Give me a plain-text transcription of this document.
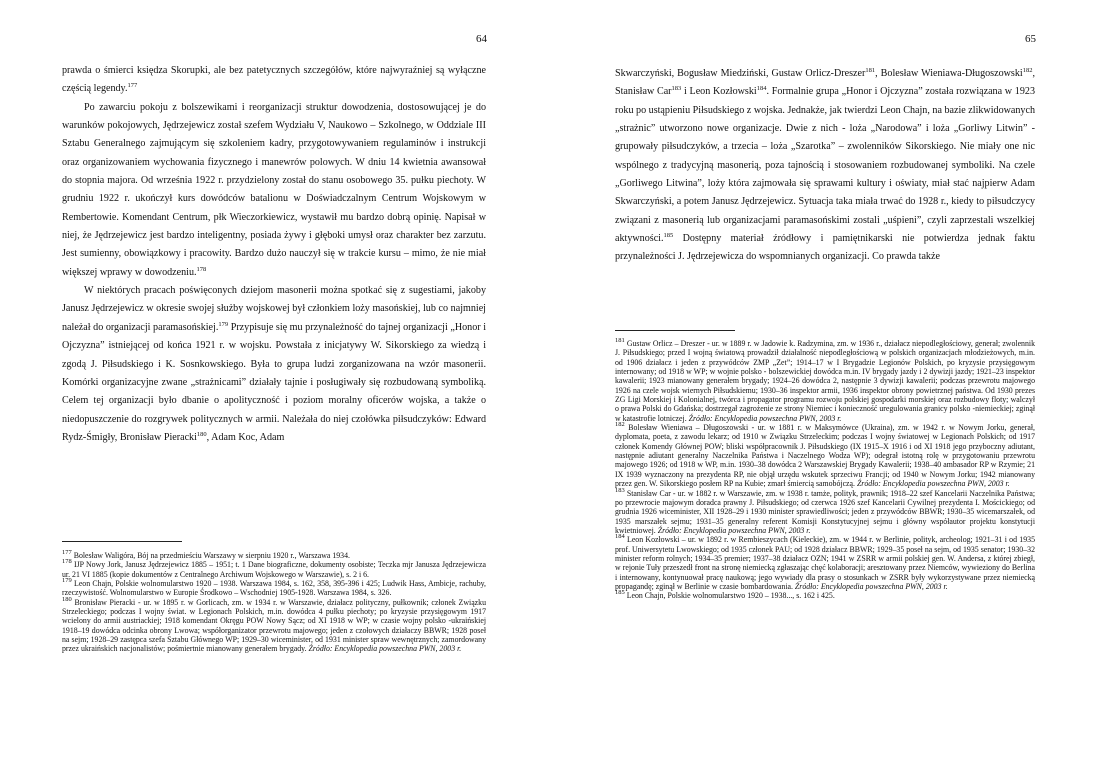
64

prawda o śmierci księdza Skorupki, ale bez patetycznych szczegółów, które najwyraźniej są wyłączne częścią legendy.$^{177}$

Po zawarciu pokoju z bolszewikami i reorganizacji struktur dowodzenia, dostosowującej je do warunków pokojowych, Jędrzejewicz został szefem Wydziału V, Naukowo – Szkolnego, w Oddziale III Sztabu Generalnego zajmującym się szkoleniem kadry, przygotowywaniem regulaminów i instrukcji oraz organizowaniem wychowania fizycznego i manewrów polowych. W dniu 14 kwietnia awansował do stopnia majora. Od września 1922 r. przydzielony został do stanu osobowego 35. pułku piechoty. W grudniu 1922 r. ukończył kurs dowódców batalionu w Doświadczalnym Centrum Wojskowym w Rembertowie. Komendant Centrum, płk Wieczorkiewicz, wystawił mu bardzo dobrą opinię. Napisał w niej, że Jędrzejewicz jest bardzo inteligentny, posiada żywy i głęboki umysł oraz charakter bez zarzutu. Jest sumienny, obowiązkowy i pracowity. Bardzo dużo nauczył się w trakcie kursu – mimo, że nie miał większej wprawy w dowodzeniu.$^{178}$

W niektórych pracach poświęconych dziejom masonerii można spotkać się z sugestiami, jakoby Janusz Jędrzejewicz w okresie swojej służby wojskowej był członkiem loży masońskiej, lub co najmniej należał do organizacji paramasońskiej.$^{179}$ Przypisuje się mu przynależność do tajnej organizacji „Honor i Ojczyzna” istniejącej od końca 1921 r. w wojsku. Powstała z inicjatywy W. Sikorskiego za wiedzą i zgodą J. Piłsudskiego i K. Sosnkowskiego. Była to grupa ludzi zorganizowana na wzór masonerii. Komórki organizacyjne zwane „strażnicami” działały tajnie i posługiwały się rozbudowaną symboliką. Celem tej organizacji było dbanie o apolityczność i poziom moralny oficerów wojska, a także o niedopuszczenie do rozgrywek politycznych w armii. Należała do niej czołówka piłsudczyków: Edward Rydz-Śmigły, Bronisław Pieracki$^{180}$, Adam Koc, Adam

$^{177}$ Bolesław Waligóra, Bój na przedmieściu Warszawy w sierpniu 1920 r., Warszawa 1934.

$^{178}$ IJP Nowy Jork, Janusz Jędrzejewicz 1885 – 1951; t. 1 Dane biograficzne, dokumenty osobiste; Teczka mjr Janusza Jędrzejewicza ur. 21 VI 1885 (kopie dokumentów z Centralnego Archiwum Wojskowego w Warszawie), s. 2 i 6.

$^{179}$ Leon Chajn, Polskie wolnomularstwo 1920 – 1938. Warszawa 1984, s. 162, 358, 395-396 i 425; Ludwik Hass, Ambicje, rachuby, rzeczywistość. Wolnomularstwo w Europie Środkowo – Wschodniej 1905-1928. Warszawa 1984, s. 326.

$^{180}$ Bronisław Pieracki - ur. w 1895 r. w Gorlicach, zm. w 1934 r. w Warszawie, działacz polityczny, pułkownik; członek Związku Strzeleckiego; podczas I wojny świat. w Legionach Polskich, m.in. dowódca 4 pułku piechoty; po kryzysie przysięgowym 1917 wcielony do armii austriackiej; 1918 komendant Okręgu POW Nowy Sącz; od XI 1918 w WP; w czasie wojny polsko -ukraińskiej 1918–19 dowódca odcinka obrony Lwowa; współorganizator przewrotu majowego; jeden z czołowych działaczy BBWR; 1928 poseł na sejm; 1928–29 zastępca szefa Sztabu Głównego WP; 1929–30 wiceminister, od 1931 minister spraw wewnętrznych; zamordowany przez ukraińskich nacjonalistów; pośmiertnie mianowany generałem brygady. Źródło: Encyklopedia powszechna PWN, 2003 r.

65

Skwarczyński, Bogusław Miedziński, Gustaw Orlicz-Dreszer$^{181}$, Bolesław Wieniawa-Długoszowski$^{182}$, Stanisław Car$^{183}$ i Leon Kozłowski$^{184}$. Formalnie grupa „Honor i Ojczyzna” została rozwiązana w 1923 roku po ustąpieniu Piłsudskiego z wojska. Jednakże, jak twierdzi Leon Chajn, na bazie zlikwidowanych „strażnic” utworzono nowe organizacje. Dwie z nich - loża „Narodowa” i loża „Gorliwy Litwin” - grupowały piłsudczyków, a trzecia – loża „Szarotka” – zwolenników Sikorskiego. Nie miały one nic wspólnego z tradycyjną masonerią, poza tajnością i stosowaniem rozbudowanej symboliki. Na czele „Gorliwego Litwina”, loży która zajmowała się sprawami kultury i oświaty, miał stać najpierw Adam Skwarczyński, a potem Janusz Jędrzejewicz. Sytuacja taka miała trwać do 1928 r., kiedy to piłsudczycy związani z masonerią lub organizacjami paramasońskimi zostali „uśpieni”, czyli zaprzestali wszelkiej aktywności.$^{185}$ Dostępny materiał źródłowy i pamiętnikarski nie potwierdza jednak faktu przynależności J. Jędrzejewicza do wspomnianych organizacji. Co prawda także

$^{181}$ Gustaw Orlicz – Dreszer - ur. w 1889 r. w Jadowie k. Radzymina, zm. w 1936 r., działacz niepodległościowy, generał; zwolennik J. Piłsudskiego; przed I wojną światową prowadził działalność niepodległościową w polskich organizacjach młodzieżowych, m.in. od 1906 działacz i jeden z przywódców ZMP „Zet”; 1914–17 w I Brygadzie Legionów Polskich, po kryzysie przysięgowym internowany; od 1918 w WP; w wojnie polsko - bolszewickiej dowódca m.in. IV brygady jazdy i 2 dywizji jazdy; 1921–23 inspektor kawalerii; 1923 mianowany generałem brygady; 1924–26 dowódca 2, następnie 3 dywizji kawalerii; podczas przewrotu majowego 1926 na czele wojsk wiernych Piłsudskiemu; 1930–36 inspektor armii, 1936 inspektor obrony powietrznej państwa. Od 1930 prezes ZG Ligi Morskiej i Kolonialnej, twórca i propagator programu rozwoju polskiej gospodarki morskiej oraz rozbudowy floty; walczył o prawa Polski do Gdańska; dostrzegał zagrożenie ze strony Niemiec i konieczność uregulowania granicy polsko -niemieckiej; zginął w katastrofie lotniczej. Źródło: Encyklopedia powszechna PWN, 2003 r.

$^{182}$ Bolesław Wieniawa – Długoszowski - ur. w 1881 r. w Maksymówce (Ukraina), zm. w 1942 r. w Nowym Jorku, generał, dyplomata, poeta, z zawodu lekarz; od 1910 w Związku Strzeleckim; podczas I wojny światowej w Legionach Polskich; od 1917 członek Komendy Głównej POW; bliski współpracownik J. Piłsudskiego (IX 1915–X 1916 i od XI 1918 jego przyboczny adiutant, następnie adiutant generalny Naczelnika Państwa i Naczelnego Wodza WP); odegrał istotną rolę w przygotowaniu przewrotu majowego 1926; od 1918 w WP, m.in. 1930–38 dowódca 2 Warszawskiej Brygady Kawalerii; 1938–40 ambasador RP w Rzymie; 21 IX 1939 wyznaczony na prezydenta RP, nie objął urzędu wskutek sprzeciwu Francji; od 1940 w Nowym Jorku; 1942 mianowany przez gen. W. Sikorskiego posłem RP na Kubie; zmarł śmiercią samobójczą. Źródło: Encyklopedia powszechna PWN, 2003 r.

$^{183}$ Stanisław Car - ur. w 1882 r. w Warszawie, zm. w 1938 r. tamże, polityk, prawnik; 1918–22 szef Kancelarii Naczelnika Państwa; po przewrocie majowym doradca prawny J. Piłsudskiego; od czerwca 1926 szef Kancelarii Cywilnej prezydenta I. Mościckiego; od grudnia 1926 wiceminister, XII 1928–29 i 1930 minister sprawiedliwości; jeden z przywódców BBWR; 1930–35 wicemarszałek, od 1935 marszałek sejmu; 1931–35 generalny referent Komisji Konstytucyjnej sejmu i główny współautor projektu konstytucji kwietniowej. Źródło: Encyklopedia powszechna PWN, 2003 r.

$^{184}$ Leon Kozłowski – ur. w 1892 r. w Rembieszycach (Kieleckie), zm. w 1944 r. w Berlinie, polityk, archeolog; 1921–31 i od 1935 prof. Uniwersytetu Lwowskiego; od 1935 członek PAU; od 1928 działacz BBWR; 1929–35 poseł na sejm, od 1935 senator; 1930–32 minister reform rolnych; 1934–35 premier; 1937–38 działacz OZN; 1941 w ZSRR w armii polskiej gen. W. Andersa, z której zbiegł, w rejonie Tuły przeszedł front na stronę niemiecką zgłaszając chęć kolaboracji; aresztowany przez Niemców, wywieziony do Berlina i internowany, kontynuował pracę naukową; jego wywiady dla prasy o stosunkach w ZSRR były wykorzystywane przez niemiecką propagandę; zginął w Berlinie w czasie bombardowania. Źródło: Encyklopedia powszechna PWN, 2003 r.

$^{185}$ Leon Chajn, Polskie wolnomularstwo 1920 – 1938..., s. 162 i 425.
